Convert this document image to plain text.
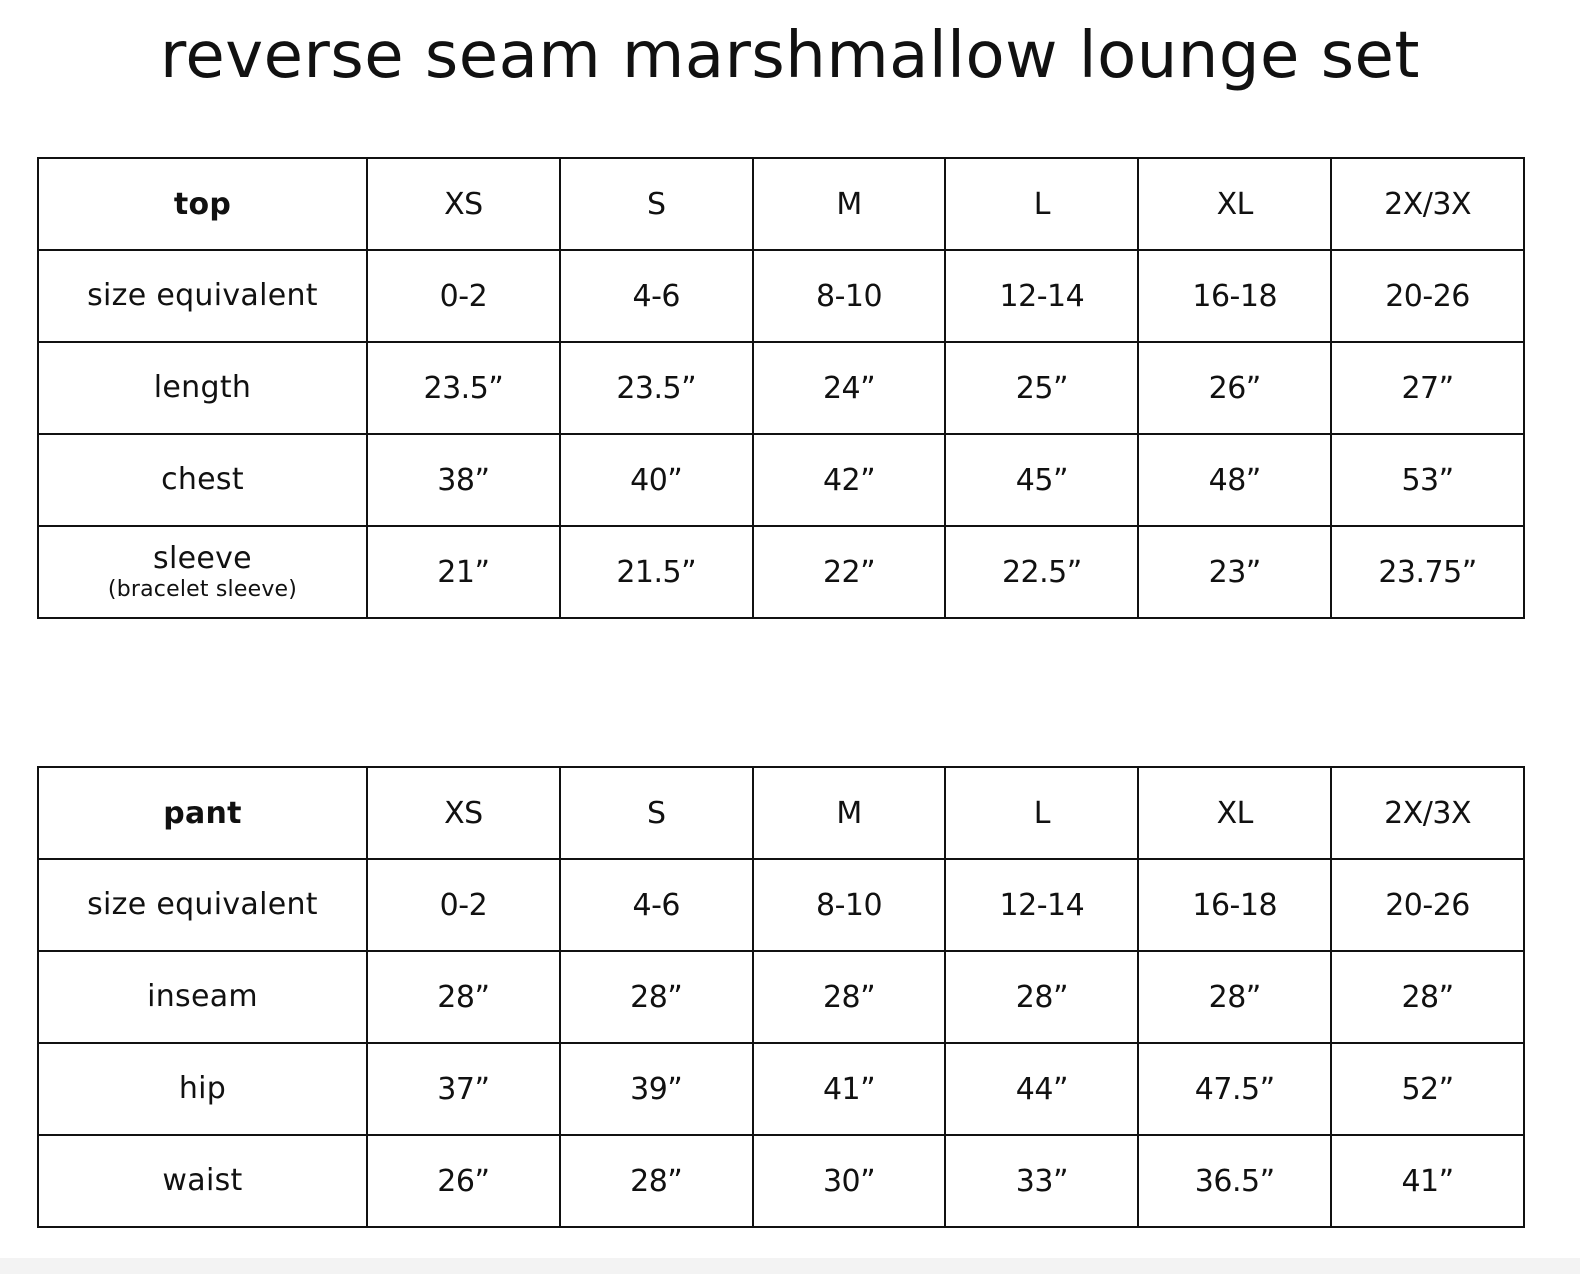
reverse seam marshmallow lounge set
top	XS	S	M	L	XL	2X/3X

size equivalent	0-2	4-6	8-10	12-14	16-18	20-26

length	23.5”	23.5”	24”	25”	26”	27”

chest	38”	40”	42”	45”	48”	53”

sleeve
(bracelet sleeve)	21”	21.5”	22”	22.5”	23”	23.75”
pant	XS	S	M	L	XL	2X/3X

size equivalent	0-2	4-6	8-10	12-14	16-18	20-26

inseam	28”	28”	28”	28”	28”	28”

hip	37”	39”	41”	44”	47.5”	52”

waist	26”	28”	30”	33”	36.5”	41”
